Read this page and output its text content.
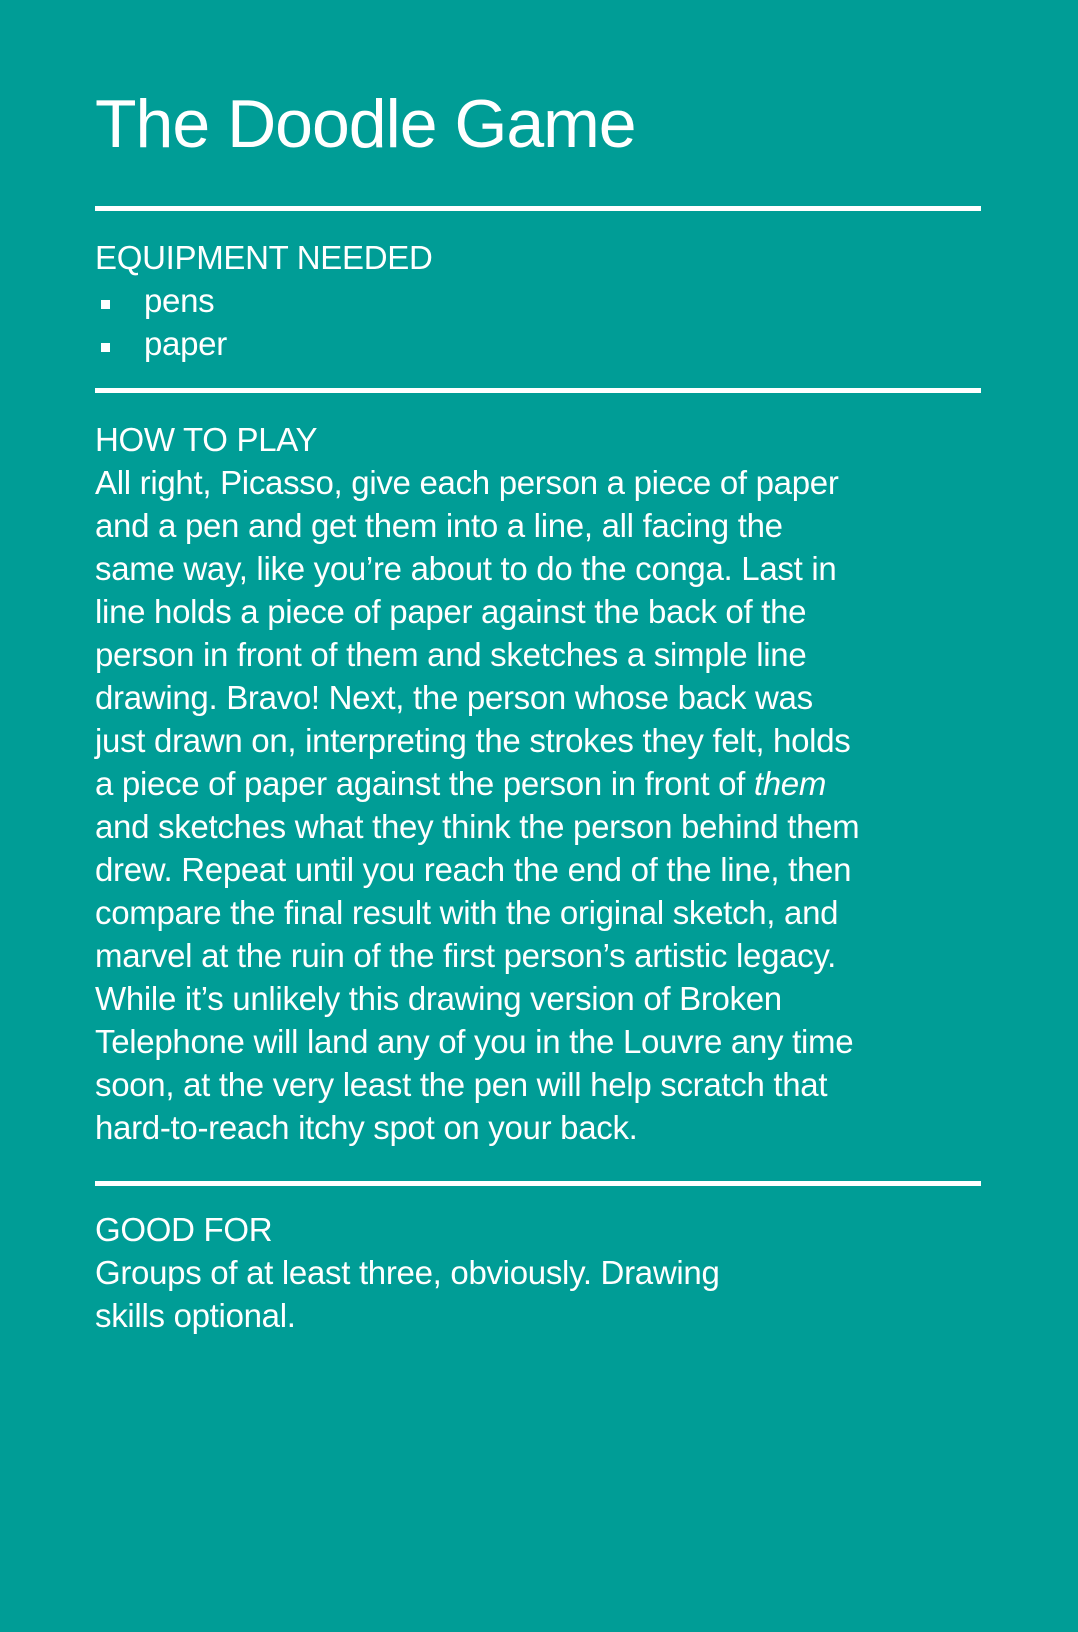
The Doodle Game
EQUIPMENT NEEDED
pens
paper
HOW TO PLAY
All right, Picasso, give each person a piece of paper
and a pen and get them into a line, all facing the
same way, like you’re about to do the conga. Last in
line holds a piece of paper against the back of the
person in front of them and sketches a simple line
drawing. Bravo! Next, the person whose back was
just drawn on, interpreting the strokes they felt, holds
a piece of paper against the person in front of them
and sketches what they think the person behind them
drew. Repeat until you reach the end of the line, then
compare the final result with the original sketch, and
marvel at the ruin of the first person’s artistic legacy.
While it’s unlikely this drawing version of Broken
Telephone will land any of you in the Louvre any time
soon, at the very least the pen will help scratch that
hard-to-reach itchy spot on your back.
GOOD FOR
Groups of at least three, obviously. Drawing
skills optional.
